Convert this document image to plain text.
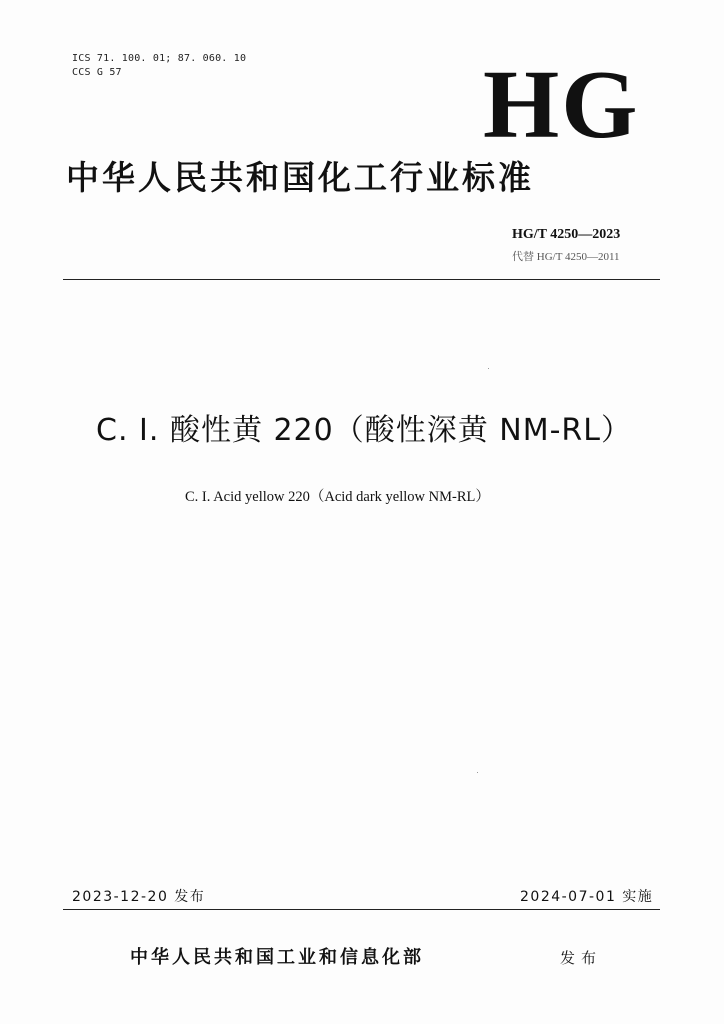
ICS 71. 100. 01; 87. 060. 10
CCS G 57	HG
中华人民共和国化工行业标准
HG/T 4250—2023
代替 HG/T 4250—2011
C. I. 酸性黄 220（酸性深黄 NM-RL）
C. I. Acid yellow 220（Acid dark yellow NM-RL）
2023-12-20 发布	2024-07-01 实施
中华人民共和国工业和信息化部	发布
